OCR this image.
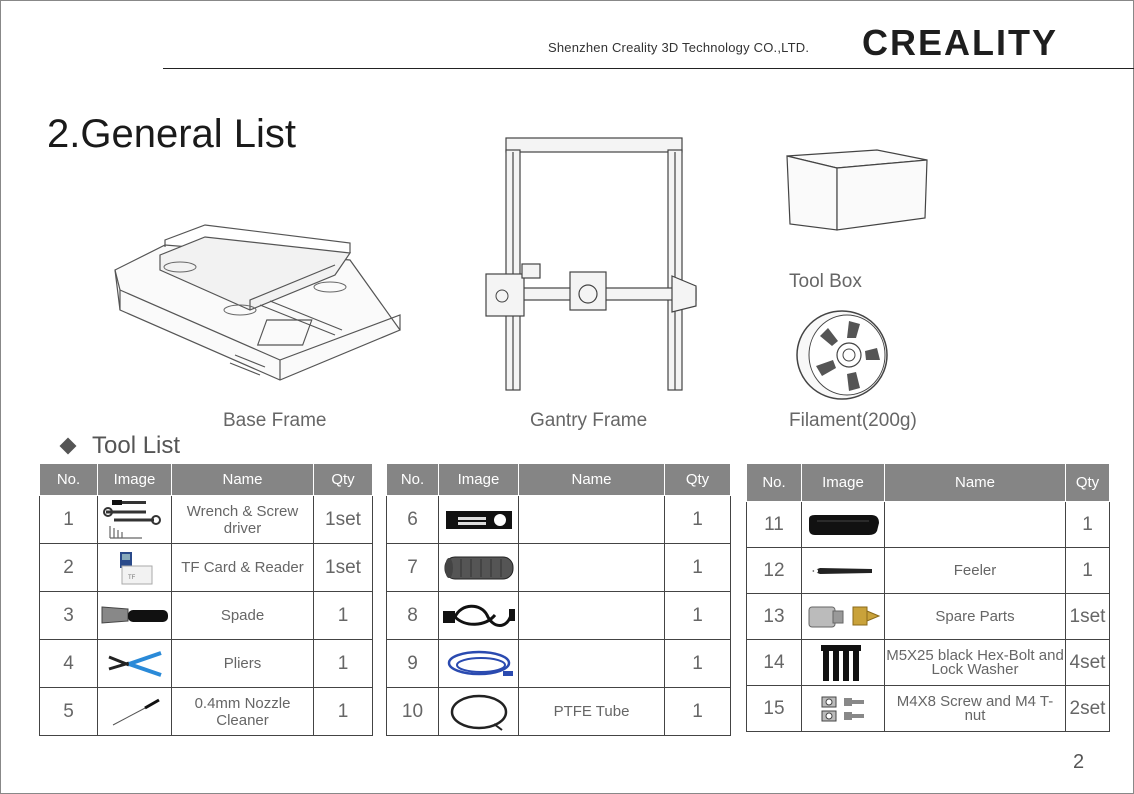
Shenzhen Creality 3D Technology CO.,LTD. CREALITY
2.General List
Base Frame	Gantry Frame
Tool Box
Filament(200g)
Tool List
No.	Image	Name	Qty
1		Wrench & Screw driver	1set
2	TF	TF Card & Reader	1set
3		Spade	1
4		Pliers	1
5		0.4mm Nozzle Cleaner	1
No.	Image	Name	Qty
6			1
7			1
8			1
9			1
10		PTFE Tube	1
No.	Image	Name	Qty
11			1
12		Feeler	1
13		Spare Parts	1set
14		M5X25 black Hex-Bolt and Lock Washer	4set
15		M4X8 Screw and M4 T- nut	2set
2
